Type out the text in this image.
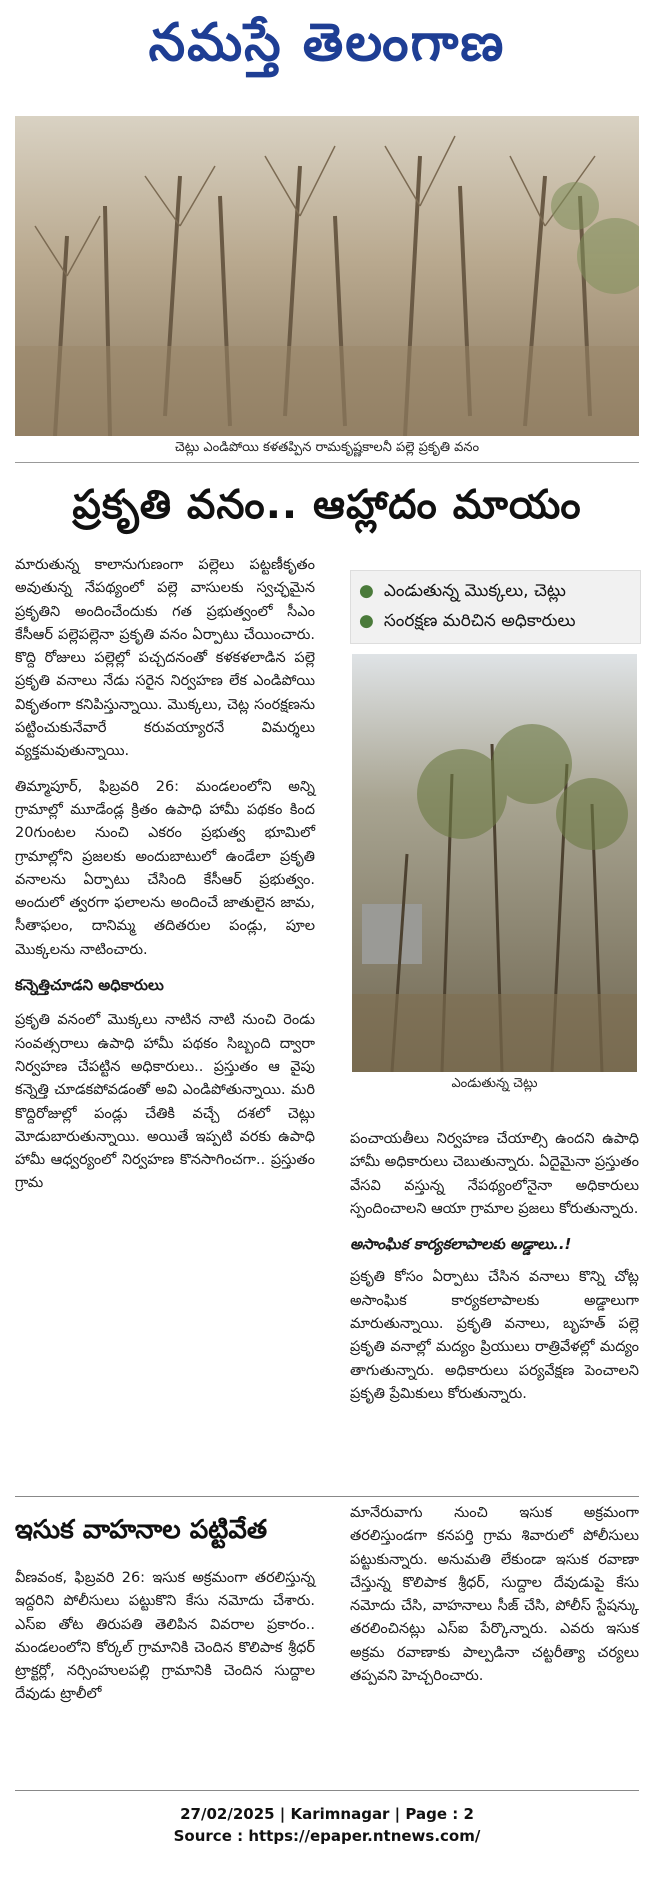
నమస్తే తెలంగాణ
చెట్లు ఎండిపోయి కళతప్పిన రామకృష్ణకాలనీ పల్లె ప్రకృతి వనం
ప్రకృతి వనం.. ఆహ్లాదం మాయం

మారుతున్న కాలానుగుణంగా పల్లెలు పట్టణీకృతం అవుతున్న నేపథ్యంలో పల్లె వాసులకు స్వచ్ఛమైన ప్రకృతిని అందించేందుకు గత ప్రభుత్వంలో సీఎం కేసీఆర్ పల్లెపల్లెనా ప్రకృతి వనం ఏర్పాటు చేయించారు. కొద్ది రోజులు పల్లెల్లో పచ్చదనంతో కళకళలాడిన పల్లె ప్రకృతి వనాలు నేడు సరైన నిర్వహణ లేక ఎండిపోయి వికృతంగా కనిపిస్తున్నాయి. మొక్కలు, చెట్ల సంరక్షణను పట్టించుకునేవారే కరువయ్యారనే విమర్శలు వ్యక్తమవుతున్నాయి.

తిమ్మాపూర్, ఫిబ్రవరి 26: మండలంలోని అన్ని గ్రామాల్లో మూడేండ్ల క్రితం ఉపాధి హామీ పథకం కింద 20గుంటల నుంచి ఎకరం ప్రభుత్వ భూమిలో గ్రామాల్లోని ప్రజలకు అందుబాటులో ఉండేలా ప్రకృతి వనాలను ఏర్పాటు చేసింది కేసీఆర్ ప్రభుత్వం. అందులో త్వరగా ఫలాలను అందించే జాతులైన జామ, సీతాఫలం, దానిమ్మ తదితరుల పండ్లు, పూల మొక్కలను నాటించారు.

కన్నెత్తిచూడని అధికారులు

ప్రకృతి వనంలో మొక్కలు నాటిన నాటి నుంచి రెండు సంవత్సరాలు ఉపాధి హామీ పథకం సిబ్బంది ద్వారా నిర్వహణ చేపట్టిన అధికారులు.. ప్రస్తుతం ఆ వైపు కన్నెత్తి చూడకపోవడంతో అవి ఎండిపోతున్నాయి. మరి కొద్దిరోజుల్లో పండ్లు చేతికి వచ్చే దశలో చెట్లు మోడుబారుతున్నాయి. అయితే ఇప్పటి వరకు ఉపాధి హామీ ఆధ్వర్యంలో నిర్వహణ కొనసాగించగా.. ప్రస్తుతం గ్రామ

● ఎండుతున్న మొక్కలు, చెట్లు
● సంరక్షణ మరిచిన అధికారులు
ఎండుతున్న చెట్లు

పంచాయతీలు నిర్వహణ చేయాల్సి ఉందని ఉపాధి హామీ అధికారులు చెబుతున్నారు. ఏదైమైనా ప్రస్తుతం వేసవి వస్తున్న నేపథ్యంలోనైనా అధికారులు స్పందించాలని ఆయా గ్రామాల ప్రజలు కోరుతున్నారు.

అసాంఘిక కార్యకలాపాలకు అడ్డాలు..!

ప్రకృతి కోసం ఏర్పాటు చేసిన వనాలు కొన్ని చోట్ల అసాంఘిక కార్యకలాపాలకు అడ్డాలుగా మారుతున్నాయి. ప్రకృతి వనాలు, బృహత్ పల్లె ప్రకృతి వనాల్లో మద్యం ప్రియులు రాత్రివేళల్లో మద్యం తాగుతున్నారు. అధికారులు పర్యవేక్షణ పెంచాలని ప్రకృతి ప్రేమికులు కోరుతున్నారు.

ఇసుక వాహనాల పట్టివేత

వీణవంక, ఫిబ్రవరి 26: ఇసుక అక్రమంగా తరలిస్తున్న ఇద్దరిని పోలీసులు పట్టుకొని కేసు నమోదు చేశారు. ఎస్ఐ తోట తిరుపతి తెలిపిన వివరాల ప్రకారం.. మండలంలోని కోర్కల్ గ్రామానికి చెందిన కొలిపాక శ్రీధర్ ట్రాక్టర్లో, నర్సింహులపల్లి గ్రామానికి చెందిన సుద్దాల దేవుడు ట్రాలీలో

మానేరువాగు నుంచి ఇసుక అక్రమంగా తరలిస్తుండగా కనపర్తి గ్రామ శివారులో పోలీసులు పట్టుకున్నారు. అనుమతి లేకుండా ఇసుక రవాణా చేస్తున్న కొలిపాక శ్రీధర్, సుద్దాల దేవుడుపై కేసు నమోదు చేసి, వాహనాలు సీజ్ చేసి, పోలీస్ స్టేషన్కు తరలించినట్లు ఎస్ఐ పేర్కొన్నారు. ఎవరు ఇసుక అక్రమ రవాణాకు పాల్పడినా చట్టరీత్యా చర్యలు తప్పవని హెచ్చరించారు.

27/02/2025 | Karimnagar | Page : 2
Source : https://epaper.ntnews.com/
